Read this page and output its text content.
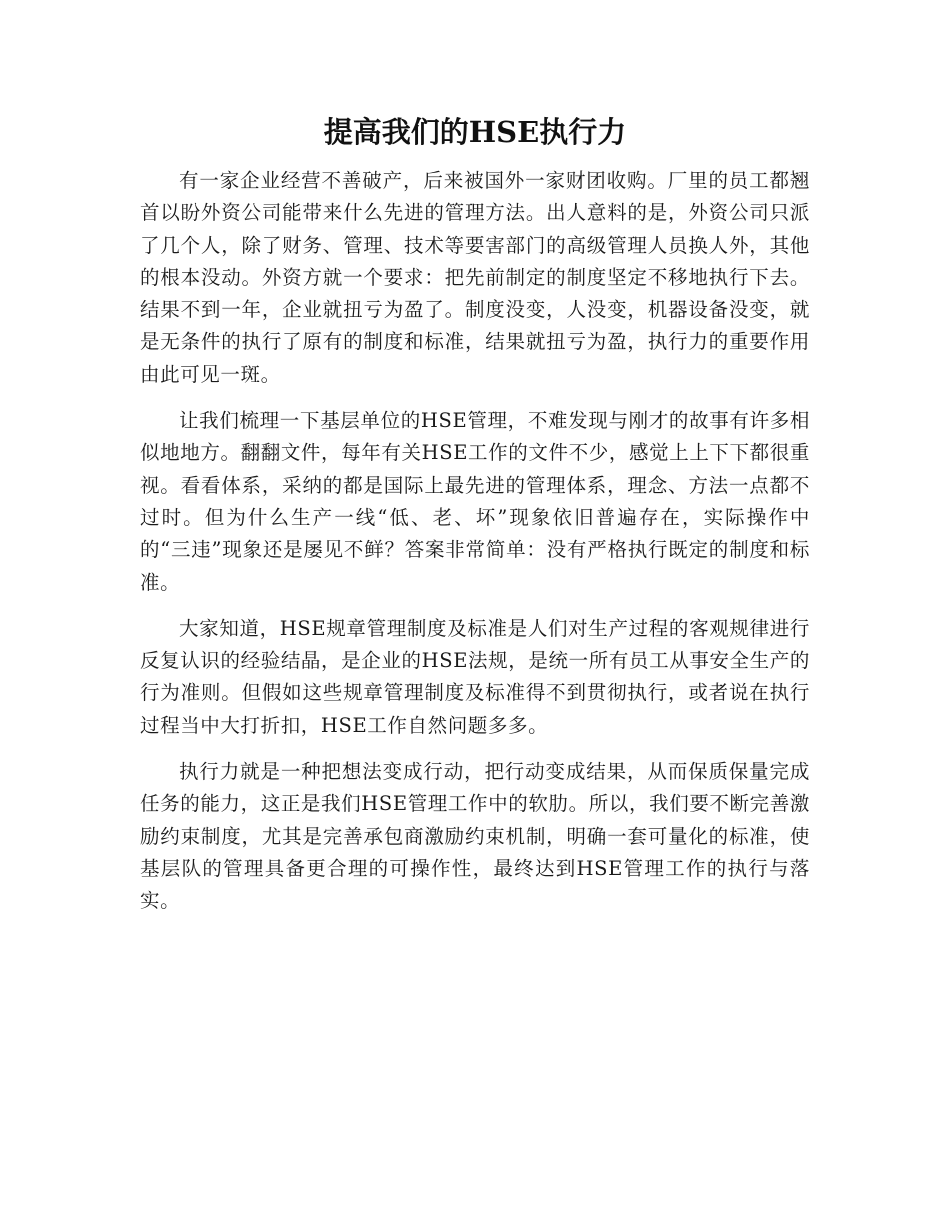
提高我们的HSE执行力

有一家企业经营不善破产，后来被国外一家财团收购。厂里的员工都翘首以盼外资公司能带来什么先进的管理方法。出人意料的是，外资公司只派了几个人，除了财务、管理、技术等要害部门的高级管理人员换人外，其他的根本没动。外资方就一个要求：把先前制定的制度坚定不移地执行下去。结果不到一年，企业就扭亏为盈了。制度没变，人没变，机器设备没变，就是无条件的执行了原有的制度和标准，结果就扭亏为盈，执行力的重要作用由此可见一斑。

让我们梳理一下基层单位的HSE管理，不难发现与刚才的故事有许多相似地地方。翻翻文件，每年有关HSE工作的文件不少，感觉上上下下都很重视。看看体系，采纳的都是国际上最先进的管理体系，理念、方法一点都不过时。但为什么生产一线“低、老、坏”现象依旧普遍存在，实际操作中的“三违”现象还是屡见不鲜？答案非常简单：没有严格执行既定的制度和标准。

大家知道，HSE规章管理制度及标准是人们对生产过程的客观规律进行反复认识的经验结晶，是企业的HSE法规，是统一所有员工从事安全生产的行为准则。但假如这些规章管理制度及标准得不到贯彻执行，或者说在执行过程当中大打折扣，HSE工作自然问题多多。

执行力就是一种把想法变成行动，把行动变成结果，从而保质保量完成任务的能力，这正是我们HSE管理工作中的软肋。所以，我们要不断完善激励约束制度，尤其是完善承包商激励约束机制，明确一套可量化的标准，使基层队的管理具备更合理的可操作性，最终达到HSE管理工作的执行与落实。
